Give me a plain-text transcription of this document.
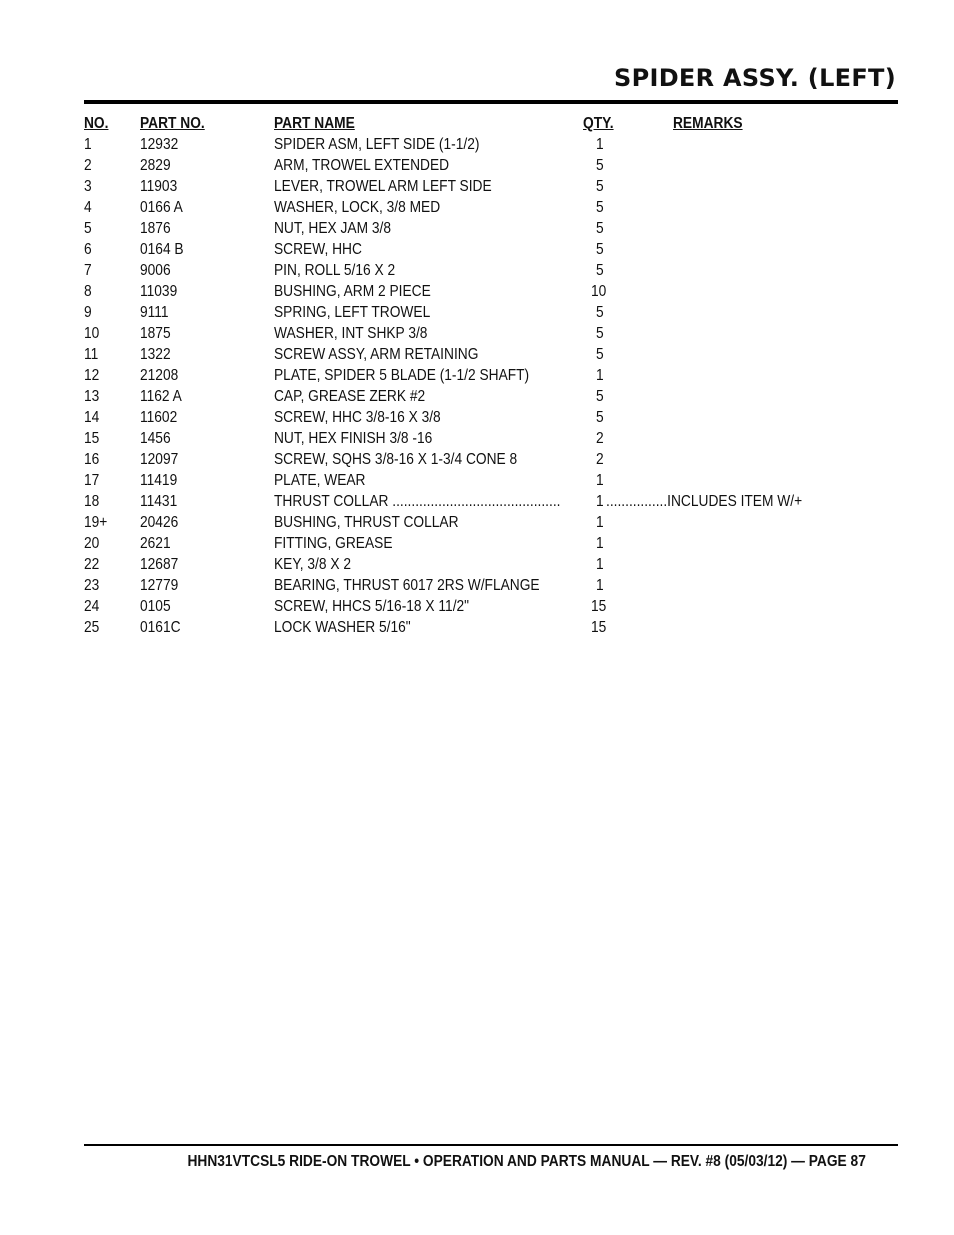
SPIDER ASSY. (LEFT)
NO. PART NO.	PART NAME	QTY.	REMARKS
1	12932	SPIDER ASM, LEFT SIDE (1-1/2)	1
2	2829	ARM, TROWEL EXTENDED	5
3	11903	LEVER, TROWEL ARM LEFT SIDE	5
4	0166 A	WASHER, LOCK, 3/8 MED	5
5	1876	NUT, HEX JAM 3/8	5
6	0164 B	SCREW, HHC	5
7	9006	PIN, ROLL 5/16 X 2	5
8	11039	BUSHING, ARM 2 PIECE	10
9	9111	SPRING, LEFT TROWEL	5
10	1875	WASHER, INT SHKP 3/8	5
11	1322	SCREW ASSY, ARM RETAINING	5
12	21208	PLATE, SPIDER 5 BLADE (1-1/2 SHAFT)	1
13	1162 A	CAP, GREASE ZERK #2	5
14	11602	SCREW, HHC 3/8-16 X 3/8	5
15	1456	NUT, HEX FINISH 3/8 -16	2
16	12097	SCREW, SQHS 3/8-16 X 1-3/4 CONE 8	2
17	11419	PLATE, WEAR	1
18	11431	THRUST COLLAR ............................................	1 ................INCLUDES ITEM W/+
19+ 20426	BUSHING, THRUST COLLAR	1
20	2621	FITTING, GREASE	1
22	12687	KEY, 3/8 X 2	1
23	12779	BEARING, THRUST 6017 2RS W/FLANGE	1
24	0105	SCREW, HHCS 5/16-18 X 11/2"	15
25	0161C	LOCK WASHER 5/16"	15

HHN31VTCSL5 RIDE-ON TROWEL • OPERATION AND PARTS MANUAL — REV. #8 (05/03/12) — PAGE 87
